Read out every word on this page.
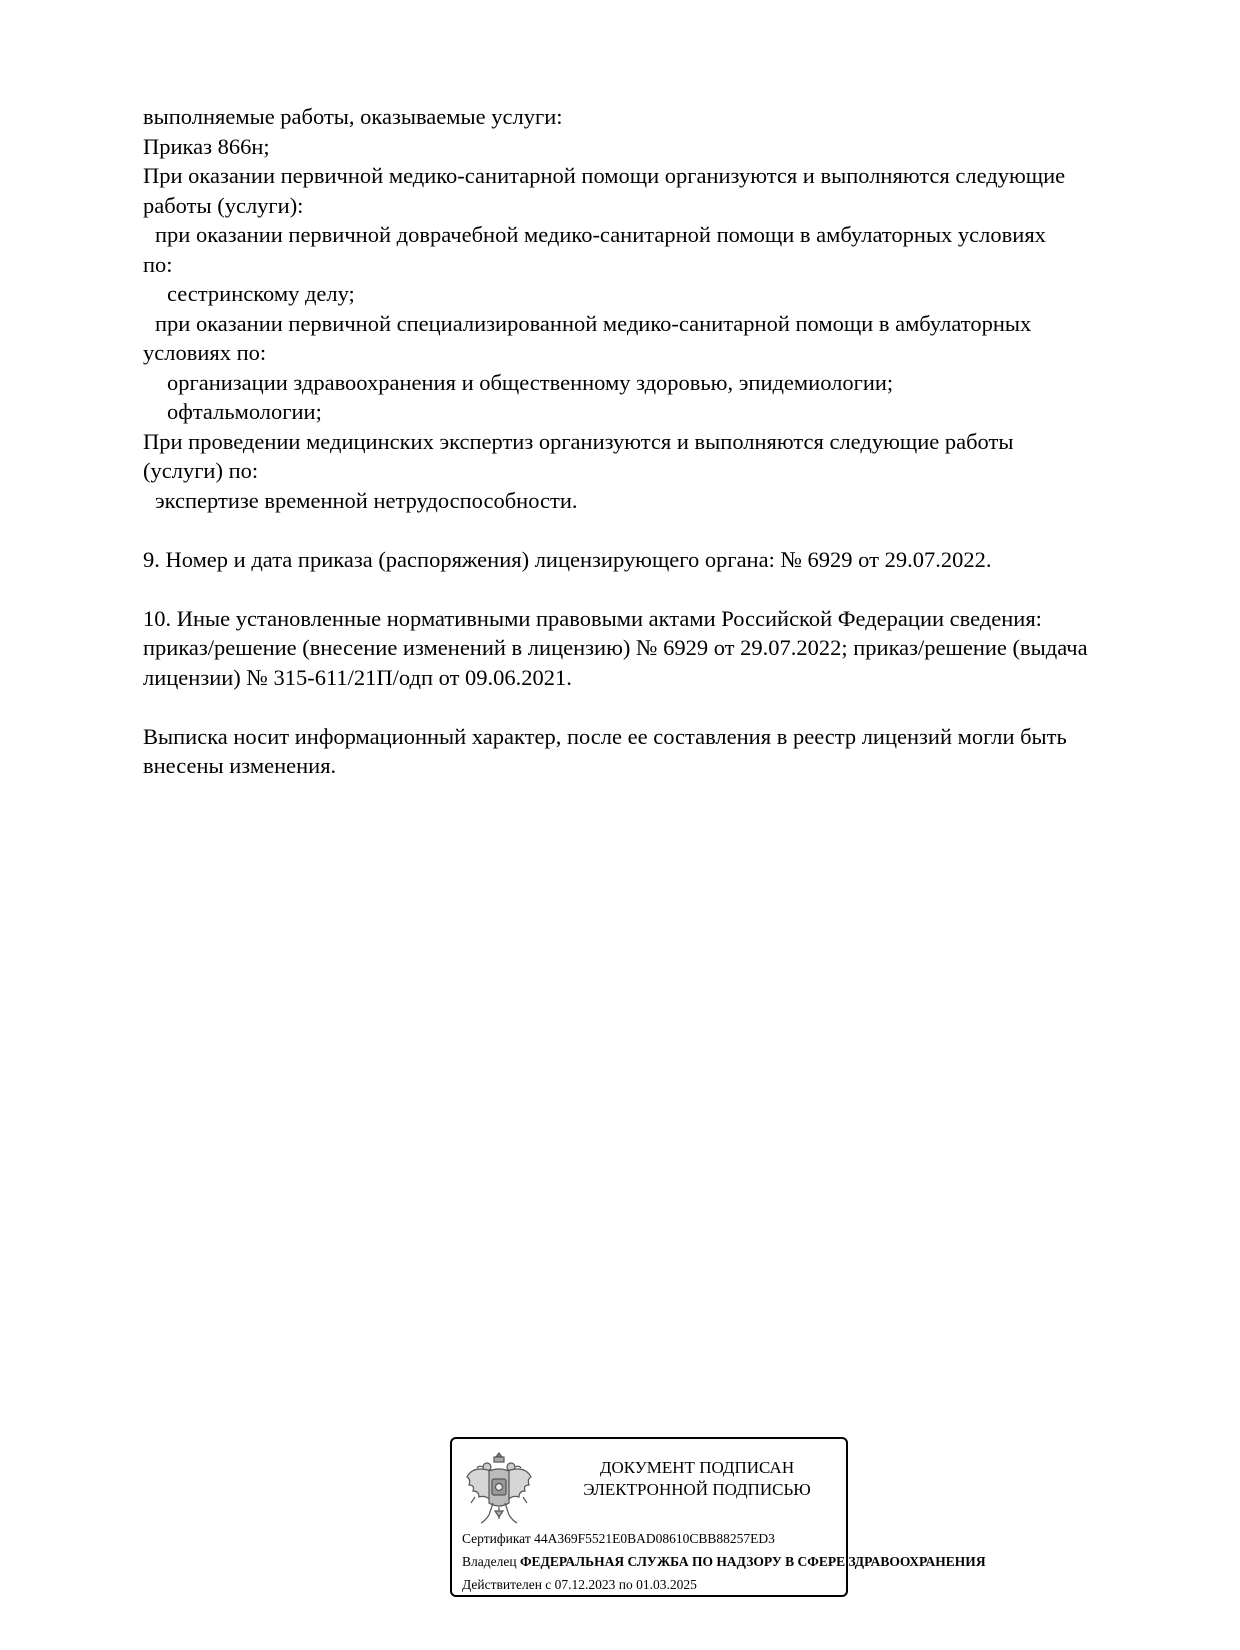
выполняемые работы, оказываемые услуги:
Приказ 866н;
При оказании первичной медико-санитарной помощи организуются и выполняются следующие
работы (услуги):
при оказании первичной доврачебной медико-санитарной помощи в амбулаторных условиях
по:
сестринскому делу;
при оказании первичной специализированной медико-санитарной помощи в амбулаторных
условиях по:
организации здравоохранения и общественному здоровью, эпидемиологии;
офтальмологии;
При проведении медицинских экспертиз организуются и выполняются следующие работы
(услуги) по:
экспертизе временной нетрудоспособности.
9. Номер и дата приказа (распоряжения) лицензирующего органа: № 6929 от 29.07.2022.
10. Иные установленные нормативными правовыми актами Российской Федерации сведения:
приказ/решение (внесение изменений в лицензию) № 6929 от 29.07.2022; приказ/решение (выдача
лицензии) № 315-611/21П/одп от 09.06.2021.
Выписка носит информационный характер, после ее составления в реестр лицензий могли быть
внесены изменения.
ДОКУМЕНТ ПОДПИСАН
ЭЛЕКТРОННОЙ ПОДПИСЬЮ
Сертификат 44A369F5521E0BAD08610CBB88257ED3
Владелец ФЕДЕРАЛЬНАЯ СЛУЖБА ПО НАДЗОРУ В СФЕРЕ ЗДРАВООХРАНЕНИЯ
Действителен с 07.12.2023 по 01.03.2025
